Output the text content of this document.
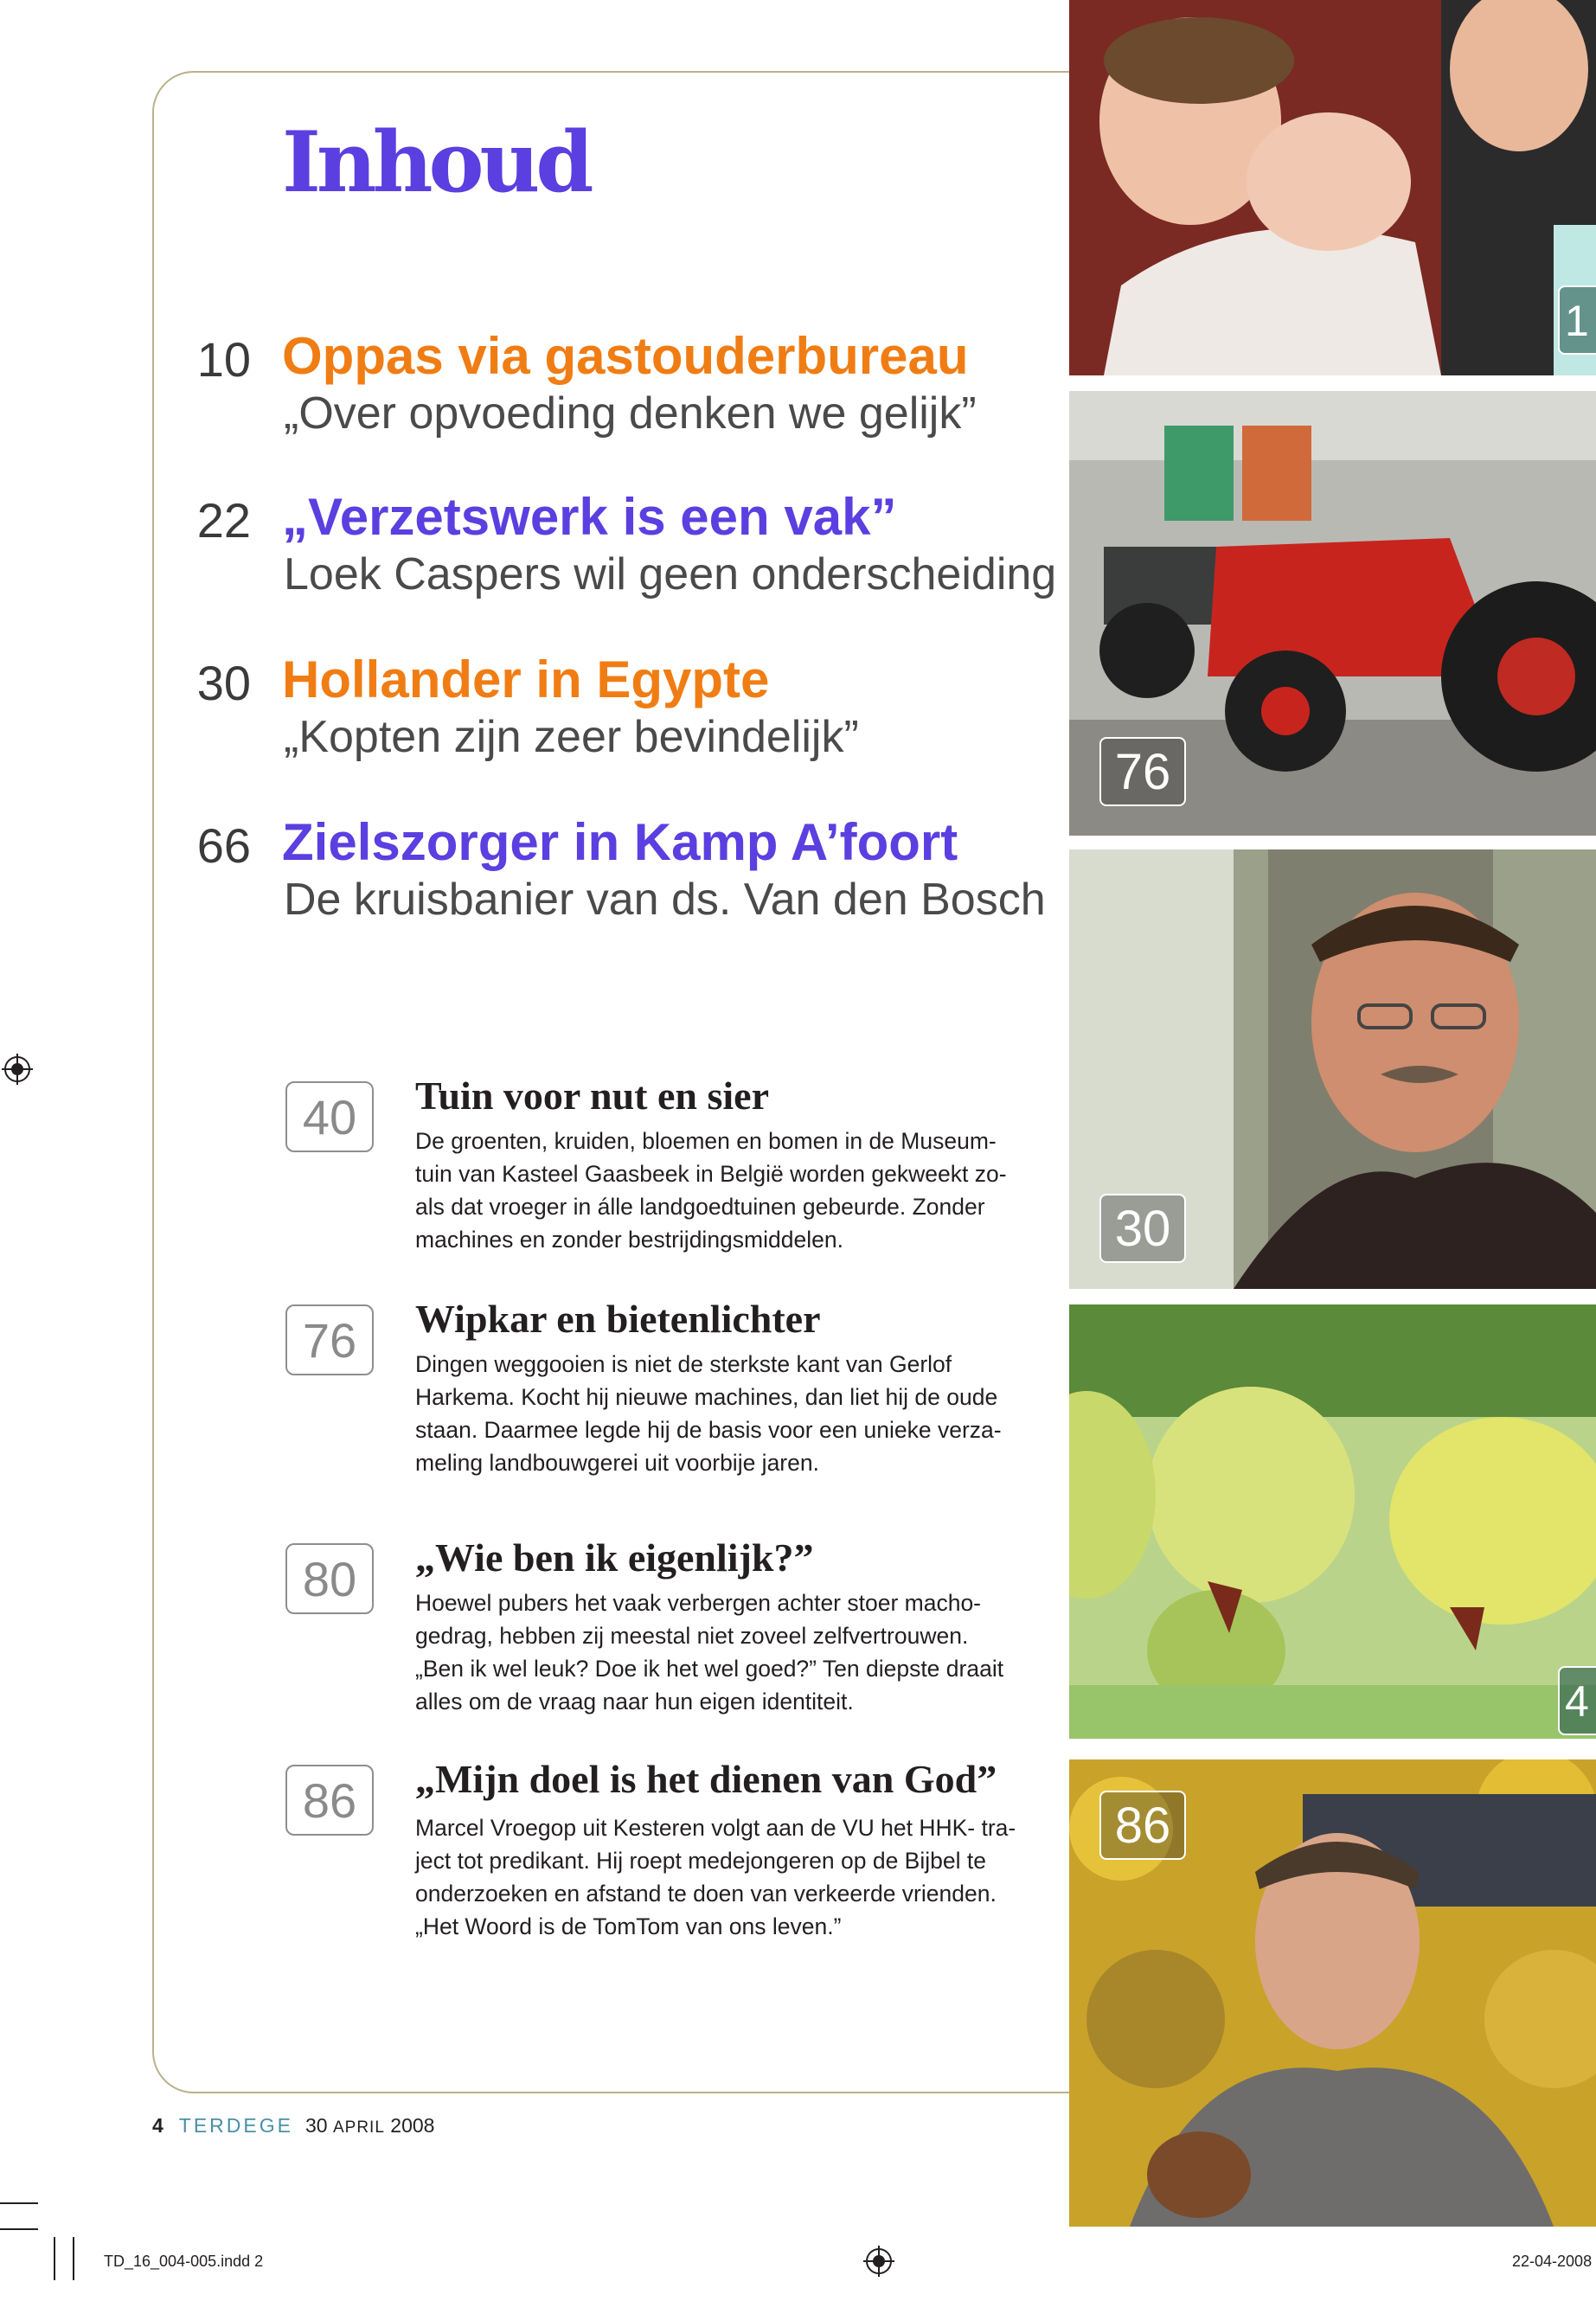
Inhoud
10 Oppas via gastouderbureau
„Over opvoeding denken we gelijk”
22 „Verzetswerk is een vak”
Loek Caspers wil geen onderscheiding
30 Hollander in Egypte
„Kopten zijn zeer bevindelijk”
66 Zielszorger in Kamp A’foort
De kruisbanier van ds. Van den Bosch
40	Tuin voor nut en sier
De groenten, kruiden, bloemen en bomen in de Museum-
tuin van Kasteel Gaasbeek in België worden gekweekt zo-
als dat vroeger in álle landgoedtuinen gebeurde. Zonder
machines en zonder bestrijdingsmiddelen.
76	Wipkar en bietenlichter
Dingen weggooien is niet de sterkste kant van Gerlof
Harkema. Kocht hij nieuwe machines, dan liet hij de oude
staan. Daarmee legde hij de basis voor een unieke verza-
meling landbouwgerei uit voorbije jaren.
80	„Wie ben ik eigenlijk?”
Hoewel pubers het vaak verbergen achter stoer macho-
gedrag, hebben zij meestal niet zoveel zelfvertrouwen.
„Ben ik wel leuk? Doe ik het wel goed?” Ten diepste draait
alles om de vraag naar hun eigen identiteit.
86	„Mijn doel is het dienen van God”
Marcel Vroegop uit Kesteren volgt aan de VU het HHK- tra-
ject tot predikant. Hij roept medejongeren op de Bijbel te
onderzoeken en afstand te doen van verkeerde vrienden.
„Het Woord is de TomTom van ons leven.”
1
76
30
4
86
4 TERDEGE 30 APRIL 2008
TD_16_004-005.indd 2	22-04-2008
